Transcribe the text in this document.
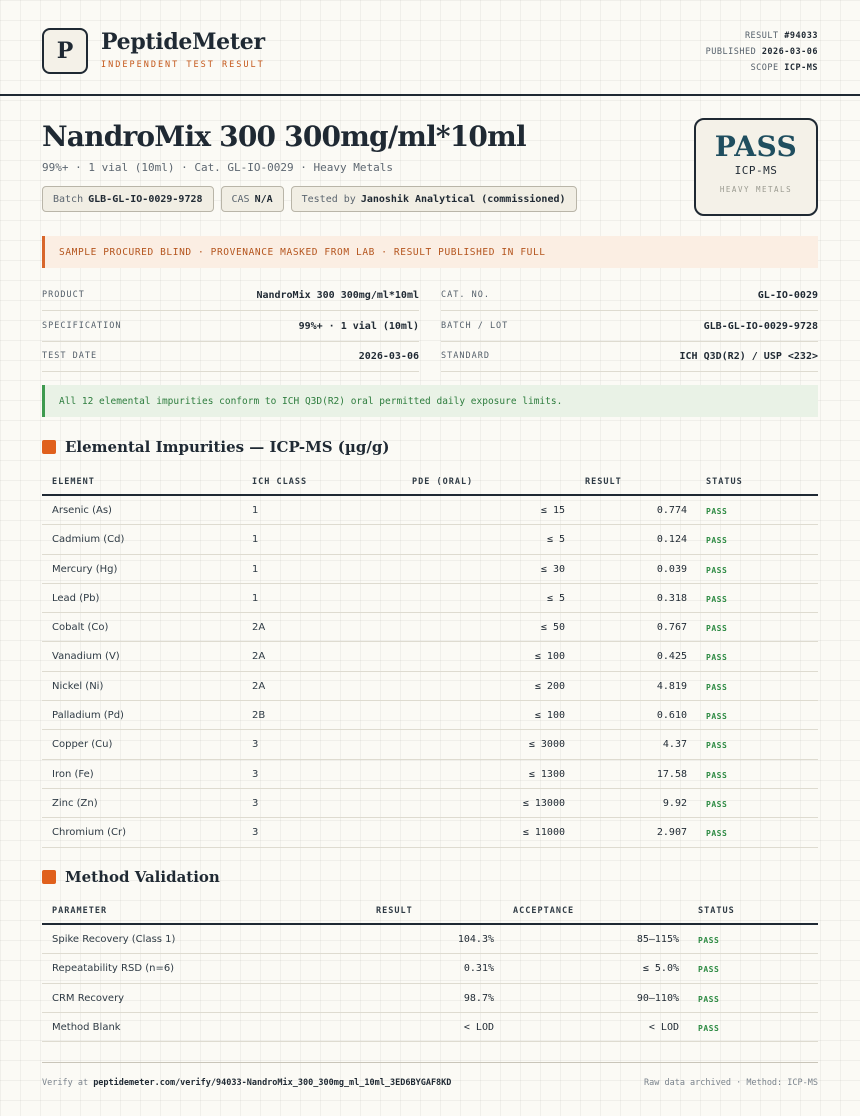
P	PeptideMeter
INDEPENDENT TEST RESULT
RESULT #94033
PUBLISHED 2026-03-06
SCOPE ICP-MS
NandroMix 300 300mg/ml*10ml
99%+ · 1 vial (10ml) · Cat. GL-IO-0029 · Heavy Metals
Batch GLB-GL-IO-0029-9728	CAS N/A	Tested by Janoshik Analytical (commissioned)
PASS
ICP-MS
HEAVY METALS
SAMPLE PROCURED BLIND · PROVENANCE MASKED FROM LAB · RESULT PUBLISHED IN FULL
PRODUCT	NandroMix 300 300mg/ml*10ml	CAT. NO.	GL-IO-0029
SPECIFICATION	99%+ · 1 vial (10ml)	BATCH / LOT	GLB-GL-IO-0029-9728
TEST DATE	2026-03-06	STANDARD	ICH Q3D(R2) / USP <232>
All 12 elemental impurities conform to ICH Q3D(R2) oral permitted daily exposure limits.
Elemental Impurities — ICP-MS (µg/g)
ELEMENT	ICH CLASS	PDE (ORAL)	RESULT	STATUS
Arsenic (As)	1	≤ 15	0.774 PASS
Cadmium (Cd)	1	≤ 5	0.124 PASS
Mercury (Hg)	1	≤ 30	0.039 PASS
Lead (Pb)	1	≤ 5	0.318 PASS
Cobalt (Co)	2A	≤ 50	0.767 PASS
Vanadium (V)	2A	≤ 100	0.425 PASS
Nickel (Ni)	2A	≤ 200	4.819 PASS
Palladium (Pd)	2B	≤ 100	0.610 PASS
Copper (Cu)	3	≤ 3000	4.37 PASS
Iron (Fe)	3	≤ 1300	17.58 PASS
Zinc (Zn)	3	≤ 13000	9.92 PASS
Chromium (Cr)	3	≤ 11000	2.907 PASS
Method Validation
PARAMETER	RESULT	ACCEPTANCE	STATUS
Spike Recovery (Class 1)	104.3%	85–115% PASS
Repeatability RSD (n=6)	0.31%	≤ 5.0% PASS
CRM Recovery	98.7%	90–110% PASS
Method Blank	< LOD	< LOD PASS
Verify at peptidemeter.com/verify/94033-NandroMix_300_300mg_ml_10ml_3ED6BYGAF8KD	Raw data archived · Method: ICP-MS
